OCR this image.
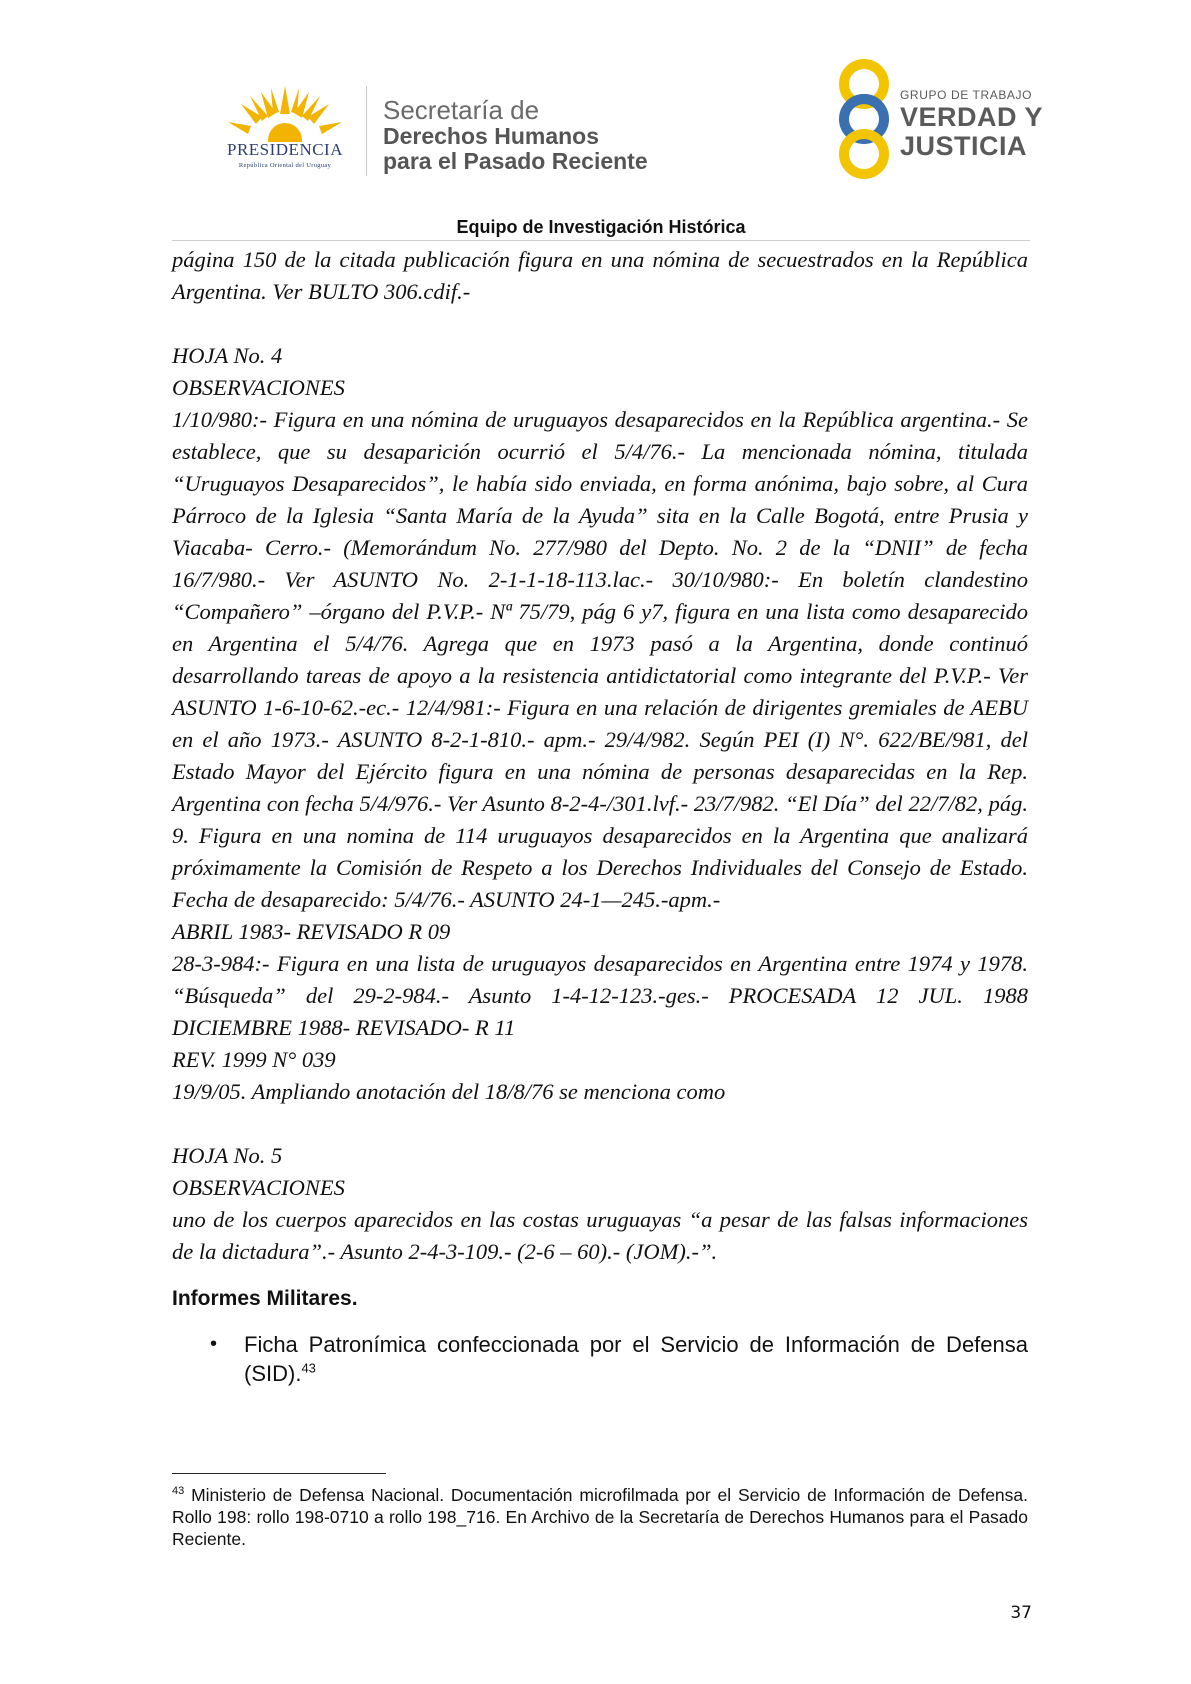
PRESIDENCIA
República Oriental del Uruguay
Secretaría de
Derechos Humanos
para el Pasado Reciente
GRUPO DE TRABAJO
VERDAD Y
JUSTICIA
Equipo de Investigación Histórica

página 150 de la citada publicación figura en una nómina de secuestrados en la República Argentina. Ver BULTO 306.cdif.-

HOJA No. 4
OBSERVACIONES

1/10/980:- Figura en una nómina de uruguayos desaparecidos en la República argentina.- Se establece, que su desaparición ocurrió el 5/4/76.- La mencionada nómina, titulada “Uruguayos Desaparecidos”, le había sido enviada, en forma anónima, bajo sobre, al Cura Párroco de la Iglesia “Santa María de la Ayuda” sita en la Calle Bogotá, entre Prusia y Viacaba- Cerro.- (Memorándum No. 277/980 del Depto. No. 2 de la “DNII” de fecha 16/7/980.- Ver ASUNTO No. 2-1-1-18-113.lac.- 30/10/980:- En boletín clandestino “Compañero” –órgano del P.V.P.- Nª 75/79, pág 6 y7, figura en una lista como desaparecido en Argentina el 5/4/76. Agrega que en 1973 pasó a la Argentina, donde continuó desarrollando tareas de apoyo a la resistencia antidictatorial como integrante del P.V.P.- Ver ASUNTO 1-6-10-62.-ec.- 12/4/981:- Figura en una relación de dirigentes gremiales de AEBU en el año 1973.- ASUNTO 8-2-1-810.- apm.- 29/4/982. Según PEI (I) N°. 622/BE/981, del Estado Mayor del Ejército figura en una nómina de personas desaparecidas en la Rep. Argentina con fecha 5/4/976.- Ver Asunto 8-2-4-/301.lvf.- 23/7/982. “El Día” del 22/7/82, pág. 9. Figura en una nomina de 114 uruguayos desaparecidos en la Argentina que analizará próximamente la Comisión de Respeto a los Derechos Individuales del Consejo de Estado. Fecha de desaparecido: 5/4/76.- ASUNTO 24-1—245.-apm.-

ABRIL 1983- REVISADO R 09

28-3-984:- Figura en una lista de uruguayos desaparecidos en Argentina entre 1974 y 1978. “Búsqueda” del 29-2-984.- Asunto 1-4-12-123.-ges.- PROCESADA 12 JUL. 1988 DICIEMBRE 1988- REVISADO- R 11

REV. 1999 N° 039
19/9/05. Ampliando anotación del 18/8/76 se menciona como
HOJA No. 5
OBSERVACIONES

uno de los cuerpos aparecidos en las costas uruguayas “a pesar de las falsas informaciones de la dictadura”.- Asunto 2-4-3-109.- (2-6 – 60).- (JOM).-”.

Informes Militares.
• Ficha Patronímica confeccionada por el Servicio de Información de Defensa (SID).$^{43}$

$^{43}$ Ministerio de Defensa Nacional. Documentación microfilmada por el Servicio de Información de Defensa. Rollo 198: rollo 198-0710 a rollo 198_716. En Archivo de la Secretaría de Derechos Humanos para el Pasado Reciente.

37
